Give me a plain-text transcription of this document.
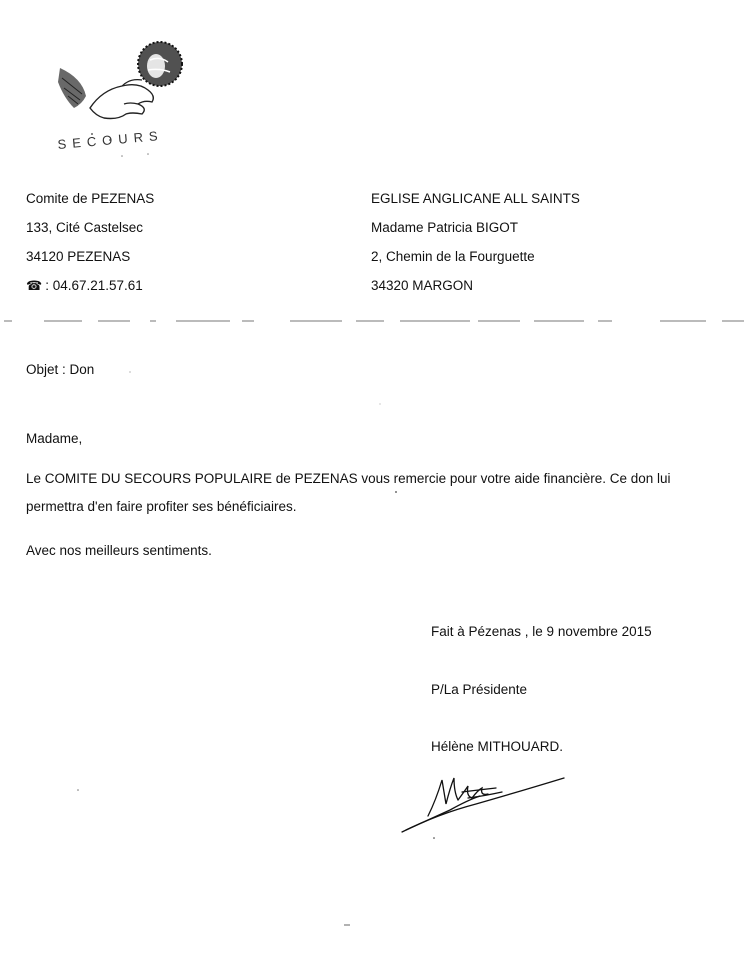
SECOURS
Comite de PEZENAS
133, Cité Castelsec
34120 PEZENAS
☎ : 04.67.21.57.61
EGLISE ANGLICANE ALL SAINTS
Madame Patricia BIGOT
2, Chemin de la Fourguette
34320 MARGON
Objet : Don
Madame,
Le COMITE DU SECOURS POPULAIRE de PEZENAS vous remercie pour votre aide financière. Ce don lui permettra d'en faire profiter ses bénéficiaires.
Avec nos meilleurs sentiments.
Fait à Pézenas , le 9 novembre 2015
P/La Présidente
Hélène MITHOUARD.
